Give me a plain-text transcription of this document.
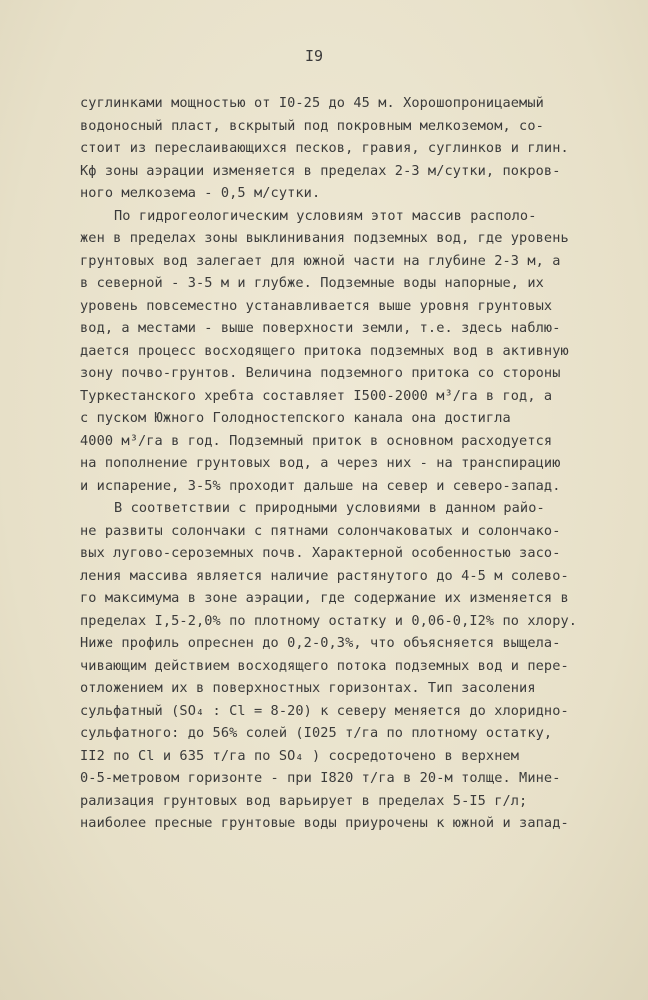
I9
суглинками мощностью от I0-25 до 45 м. Хорошопроницаемый
водоносный пласт, вскрытый под покровным мелкоземом, со-
стоит из переслаивающихся песков, гравия, суглинков и глин.
Кф зоны аэрации изменяется в пределах 2-3 м/сутки, покров-
ного мелкозема - 0,5 м/сутки.
По гидрогеологическим условиям этот массив располо-
жен в пределах зоны выклинивания подземных вод, где уровень
грунтовых вод залегает для южной части на глубине 2-3 м, а
в северной - 3-5 м и глубже. Подземные воды напорные, их
уровень повсеместно устанавливается выше уровня грунтовых
вод, а местами - выше поверхности земли, т.е. здесь наблю-
дается процесс восходящего притока подземных вод в активную
зону почво-грунтов. Величина подземного притока со стороны
Туркестанского хребта составляет I500-2000 м³/га в год, а
с пуском Южного Голодностепского канала она достигла
4000 м³/га в год. Подземный приток в основном расходуется
на пополнение грунтовых вод, а через них - на транспирацию
и испарение, 3-5% проходит дальше на север и северо-запад.
В соответствии с природными условиями в данном райо-
не развиты солончаки с пятнами солончаковатых и солончако-
вых лугово-сероземных почв. Характерной особенностью засо-
ления массива является наличие растянутого до 4-5 м солево-
го максимума в зоне аэрации, где содержание их изменяется в
пределах I,5-2,0% по плотному остатку и 0,06-0,I2% по хлору.
Ниже профиль опреснен до 0,2-0,3%, что объясняется выщела-
чивающим действием восходящего потока подземных вод и пере-
отложением их в поверхностных горизонтах. Тип засоления
сульфатный (SO₄ : Cl = 8-20) к северу меняется до хлоридно-
сульфатного: до 56% солей (I025 т/га по плотному остатку,
II2 по Cl и 635 т/га по SO₄ ) сосредоточено в верхнем
0-5-метровом горизонте - при I820 т/га в 20-м толще. Мине-
рализация грунтовых вод варьирует в пределах 5-I5 г/л;
наиболее пресные грунтовые воды приурочены к южной и запад-
